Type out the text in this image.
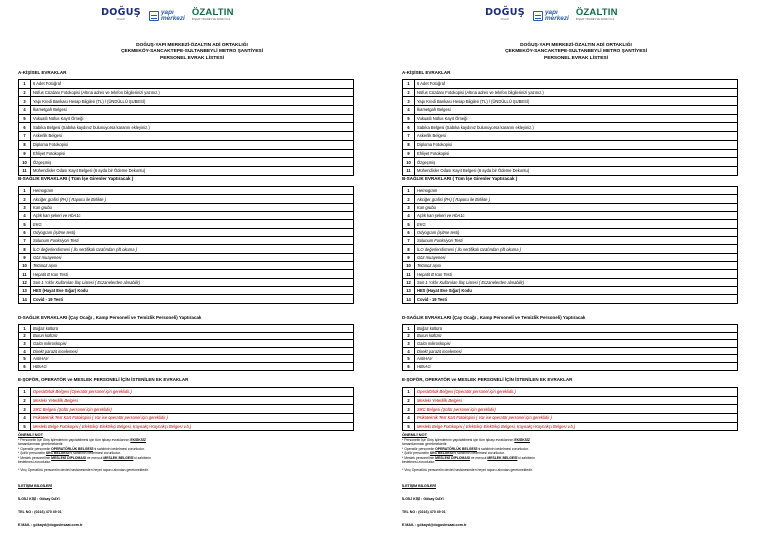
DOĞUŞ
İNŞAAT
yapı
merkezi
ÖZALTIN
İNŞAAT TİCARET VE SANAYİ A.Ş.
DOĞUŞ-YAPI MERKEZİ-ÖZALTIN ADİ ORTAKLIĞI
ÇEKMEKÖY-SANCAKTEPE-SULTANBEYLİ METRO ŞANTİYESİ
PERSONEL EVRAK LİSTESİ
A-KİŞİSEL EVRAKLAR
1	6 Adet Fotoğraf
2	Nüfus Cüzdanı Fotokopisi (Altına adres ve telefon bilgilerinizi yazınız.)
3	Yapı Kredi Bankası Hesap Bilgileri (TL) / (ÜNDÜLLÜ ŞUBESİ)
4	İkametgah Belgesi
5	Vukuatlı Nüfus Kayıt Örneği
6	Sabıka Belgesi (Sabıka kaydınız bulunuyorsa kararını ekleyiniz.)
7	Askerlik Belgesi
8	Diploma Fotokopisi
9	Ehliyet Fotokopisi
10	Özgeçmiş
11	Mühendisler Odası Kayıt Belgesi (6 ayda bir Ödeme Dekontu)
B-SAĞLIK EVRAKLARI ( Tüm İşe Girenler Yaptıracak )
1	Hemogram
2	Akciğer grafisi (PA) ( Raporu ile Birlikte )
3	Kan grubu
4	Açlık kan şekeri ve HbA1c
5	EKG
6	Odyogram (işitme testi)
7	Solunum Fonksiyon Testi
8	İLO değerlendirmesi ( İlo sertifikalı tarafından çift okuma )
9	Göz muayenesi
10	Tetanoz aşısı
11	Hepatit B Kan Testi
12	Son 1 Yıldır Kullanılan İlaç Listesi ( Eczanelerden alınabilir)
13	HES (Hayat Eve Sığar) Kodu
14	Covid - 19 Testi
D-SAĞLIK EVRAKLARI (Çay Ocağı , Kamp Personeli ve Temizlik Personeli) Yaptıracak
1	Boğaz kültürü
2	Burun kültürü
3	Gaita mikroskopisi
4	Direkt parazit incelemesi
5	AntiHAV
6	HBsAG
E-ŞOFÖR, OPERATÖR ve MESLEK PERSONELİ İÇİN İSTENİLEN EK EVRAKLAR
1	Operatörlük Belgesi (Operatör personel için gereklidir.)
2	Mesleki Yeterlilik Belgesi
3	SRC Belgesi (Şoför personel için gereklidir)
4	Psikoteknik Test Kart Fotokopisi ( Var ise operatör personel için gereklidir )
5	Mesleki Belge Fotokopisi ( Elektrikçi-Elektrikçi Belgesi, Kaynakçı-Kaynakçı Belgesi v.b.)
ÖNEMLİ NOT
* Personelin İşe Giriş İşlemlerinin yapılabilmesi için tüm işbaşı evraklarının EKSİKSİZ
tamamlanması gerekmektedir.
* Operatör personelin OPERATÖRLÜK BELGESİ'ni sahibinin bedelmesi zorunludur.
* Şoför personelin SRC BELGESİ'ni sahibinin bedelmesi zorunludur.
* Meslek personelinin MESLEKİ DİPLOMASI ve mevcut MESLEK BELGESİ'ni sahibinin
bedelmesi zorunludur.
* Vinç Operatörü personelin devlet hastanesinden heyet raporu alınıdan gerekmektedir.
İLETİŞİM BİLGİLERİ
İLGİLİ KİŞİ : Gökay DAYI
TEL NO : (0216) 470 49 01
E MAIL : gökayd@dogusinsaat.com.tr
DOĞUŞ
İNŞAAT
yapı
merkezi
ÖZALTIN
İNŞAAT TİCARET VE SANAYİ A.Ş.
DOĞUŞ-YAPI MERKEZİ-ÖZALTIN ADİ ORTAKLIĞI
ÇEKMEKÖY-SANCAKTEPE-SULTANBEYLİ METRO ŞANTİYESİ
PERSONEL EVRAK LİSTESİ
A-KİŞİSEL EVRAKLAR
1	6 Adet Fotoğraf
2	Nüfus Cüzdanı Fotokopisi (Altına adres ve telefon bilgilerinizi yazınız.)
3	Yapı Kredi Bankası Hesap Bilgileri (TL) / (ÜNDÜLLÜ ŞUBESİ)
4	İkametgah Belgesi
5	Vukuatlı Nüfus Kayıt Örneği
6	Sabıka Belgesi (Sabıka kaydınız bulunuyorsa kararını ekleyiniz.)
7	Askerlik Belgesi
8	Diploma Fotokopisi
9	Ehliyet Fotokopisi
10	Özgeçmiş
11	Mühendisler Odası Kayıt Belgesi (6 ayda bir Ödeme Dekontu)
B-SAĞLIK EVRAKLARI ( Tüm İşe Girenler Yaptıracak )
1	Hemogram
2	Akciğer grafisi (PA) ( Raporu ile Birlikte )
3	Kan grubu
4	Açlık kan şekeri ve HbA1c
5	EKG
6	Odyogram (işitme testi)
7	Solunum Fonksiyon Testi
8	İLO değerlendirmesi ( İlo sertifikalı tarafından çift okuma )
9	Göz muayenesi
10	Tetanoz aşısı
11	Hepatit B Kan Testi
12	Son 1 Yıldır Kullanılan İlaç Listesi ( Eczanelerden alınabilir)
13	HES (Hayat Eve Sığar) Kodu
14	Covid - 19 Testi
D-SAĞLIK EVRAKLARI (Çay Ocağı , Kamp Personeli ve Temizlik Personeli) Yaptıracak
1	Boğaz kültürü
2	Burun kültürü
3	Gaita mikroskopisi
4	Direkt parazit incelemesi
5	AntiHAV
6	HBsAG
E-ŞOFÖR, OPERATÖR ve MESLEK PERSONELİ İÇİN İSTENİLEN EK EVRAKLAR
1	Operatörlük Belgesi (Operatör personel için gereklidir.)
2	Mesleki Yeterlilik Belgesi
3	SRC Belgesi (Şoför personel için gereklidir)
4	Psikoteknik Test Kart Fotokopisi ( Var ise operatör personel için gereklidir )
5	Mesleki Belge Fotokopisi ( Elektrikçi-Elektrikçi Belgesi, Kaynakçı-Kaynakçı Belgesi v.b.)
ÖNEMLİ NOT
* Personelin İşe Giriş İşlemlerinin yapılabilmesi için tüm işbaşı evraklarının EKSİKSİZ
tamamlanması gerekmektedir.
* Operatör personelin OPERATÖRLÜK BELGESİ'ni sahibinin bedelmesi zorunludur.
* Şoför personelin SRC BELGESİ'ni sahibinin bedelmesi zorunludur.
* Meslek personelinin MESLEKİ DİPLOMASI ve mevcut MESLEK BELGESİ'ni sahibinin
bedelmesi zorunludur.
* Vinç Operatörü personelin devlet hastanesinden heyet raporu alınıdan gerekmektedir.
İLETİŞİM BİLGİLERİ
İLGİLİ KİŞİ : Gökay DAYI
TEL NO : (0216) 470 49 01
E MAIL : gökayd@dogusinsaat.com.tr
